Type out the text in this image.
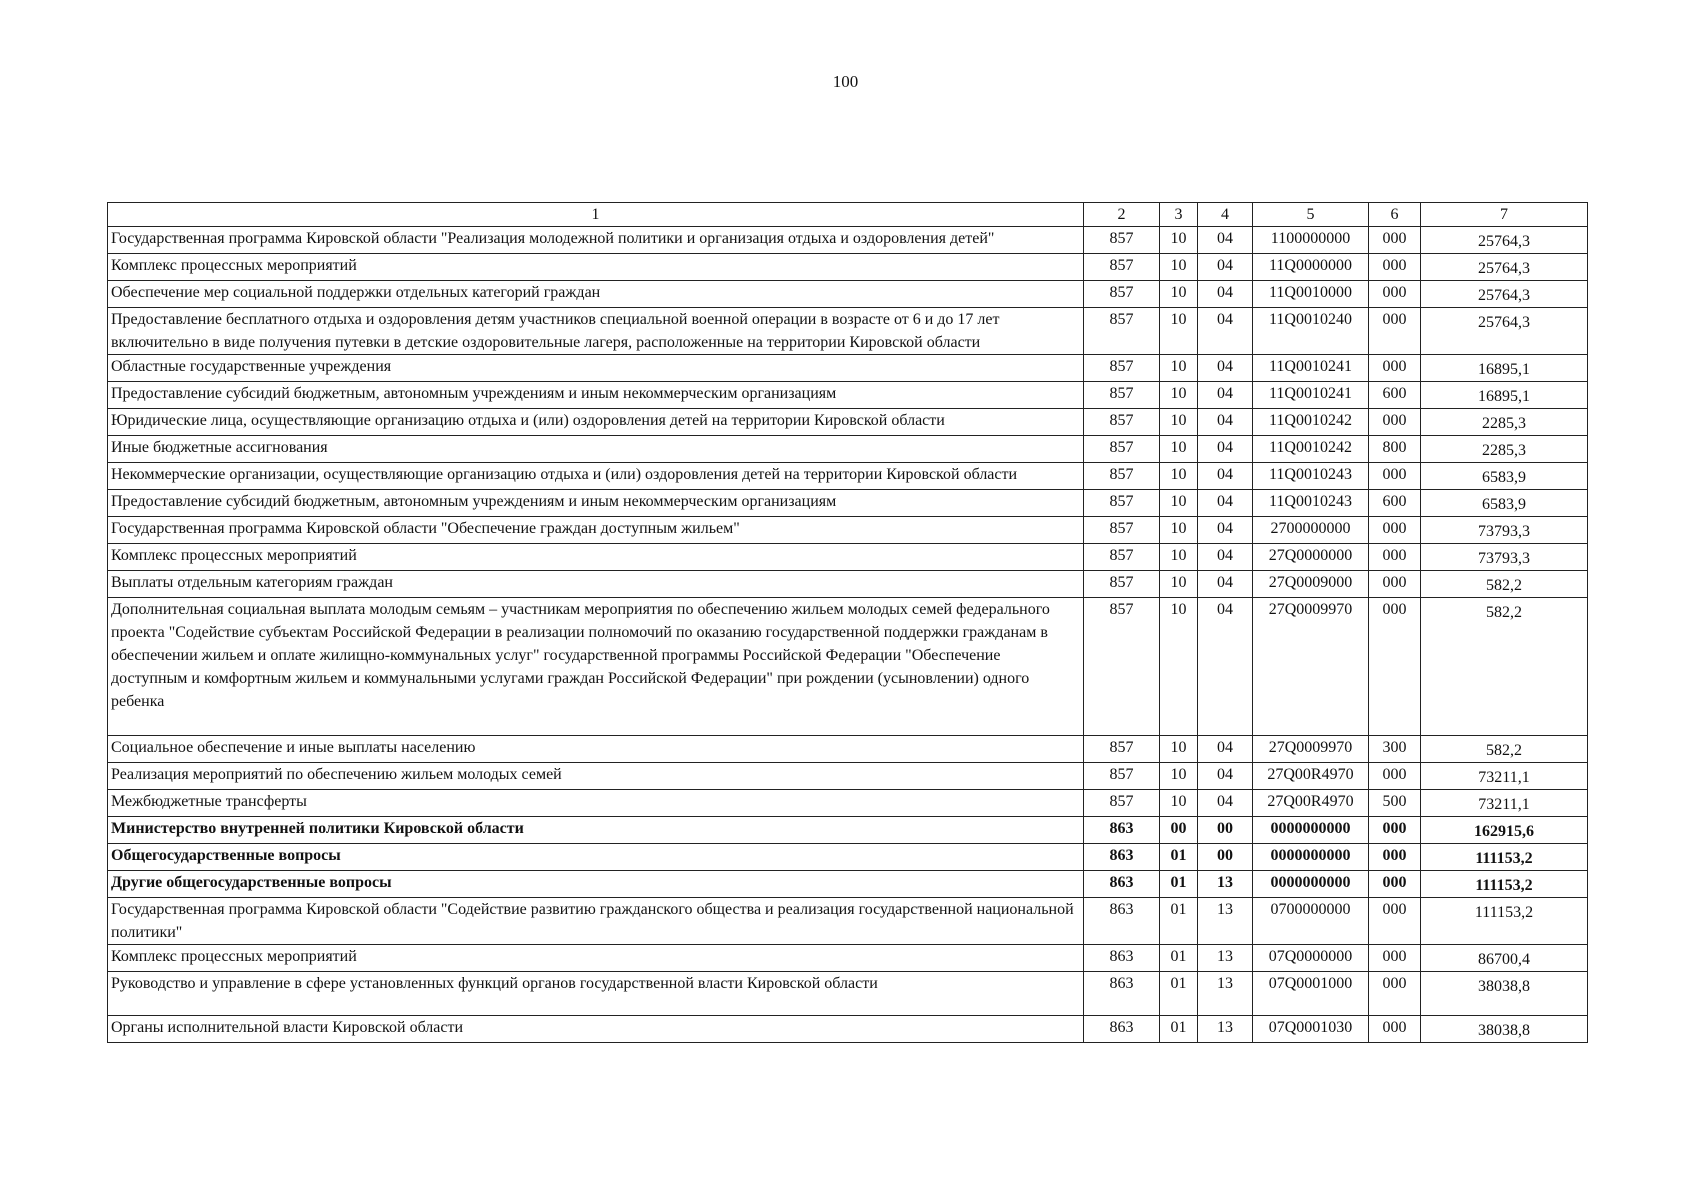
100
1	2	3	4	5	6	7
Государственная программа Кировской области "Реализация молодежной политики и организация отдыха и оздоровления детей"	857	10	04	1100000000	000	25764,3
Комплекс процессных мероприятий	857	10	04	11Q0000000	000	25764,3
Обеспечение мер социальной поддержки отдельных категорий граждан	857	10	04	11Q0010000	000	25764,3
Предоставление бесплатного отдыха и оздоровления детям участников специальной военной операции в возрасте от 6 и до 17 лет включительно в виде получения путевки в детские оздоровительные лагеря, расположенные на территории Кировской области	857	10	04	11Q0010240	000	25764,3
Областные государственные учреждения	857	10	04	11Q0010241	000	16895,1
Предоставление субсидий бюджетным, автономным учреждениям и иным некоммерческим организациям	857	10	04	11Q0010241	600	16895,1
Юридические лица, осуществляющие организацию отдыха и (или) оздоровления детей на территории Кировской области	857	10	04	11Q0010242	000	2285,3
Иные бюджетные ассигнования	857	10	04	11Q0010242	800	2285,3
Некоммерческие организации, осуществляющие организацию отдыха и (или) оздоровления детей на территории Кировской области	857	10	04	11Q0010243	000	6583,9
Предоставление субсидий бюджетным, автономным учреждениям и иным некоммерческим организациям	857	10	04	11Q0010243	600	6583,9
Государственная программа Кировской области "Обеспечение граждан доступным жильем"	857	10	04	2700000000	000	73793,3
Комплекс процессных мероприятий	857	10	04	27Q0000000	000	73793,3
Выплаты отдельным категориям граждан	857	10	04	27Q0009000	000	582,2
Дополнительная социальная выплата молодым семьям – участникам мероприятия по обеспечению жильем молодых семей федерального проекта "Содействие субъектам Российской Федерации в реализации полномочий по оказанию государственной поддержки гражданам в обеспечении жильем и оплате жилищно-коммунальных услуг" государственной программы Российской Федерации "Обеспечение доступным и комфортным жильем и коммунальными услугами граждан Российской Федерации" при рождении (усыновлении) одного ребенка	857	10	04	27Q0009970	000	582,2
Социальное обеспечение и иные выплаты населению	857	10	04	27Q0009970	300	582,2
Реализация мероприятий по обеспечению жильем молодых семей	857	10	04	27Q00R4970	000	73211,1
Межбюджетные трансферты	857	10	04	27Q00R4970	500	73211,1
Министерство внутренней политики Кировской области	863	00	00	0000000000	000	162915,6
Общегосударственные вопросы	863	01	00	0000000000	000	111153,2
Другие общегосударственные вопросы	863	01	13	0000000000	000	111153,2
Государственная программа Кировской области "Содействие развитию гражданского общества и реализация государственной национальной политики"	863	01	13	0700000000	000	111153,2
Комплекс процессных мероприятий	863	01	13	07Q0000000	000	86700,4
Руководство и управление в сфере установленных функций органов государственной власти Кировской области	863	01	13	07Q0001000	000	38038,8
Органы исполнительной власти Кировской области	863	01	13	07Q0001030	000	38038,8
